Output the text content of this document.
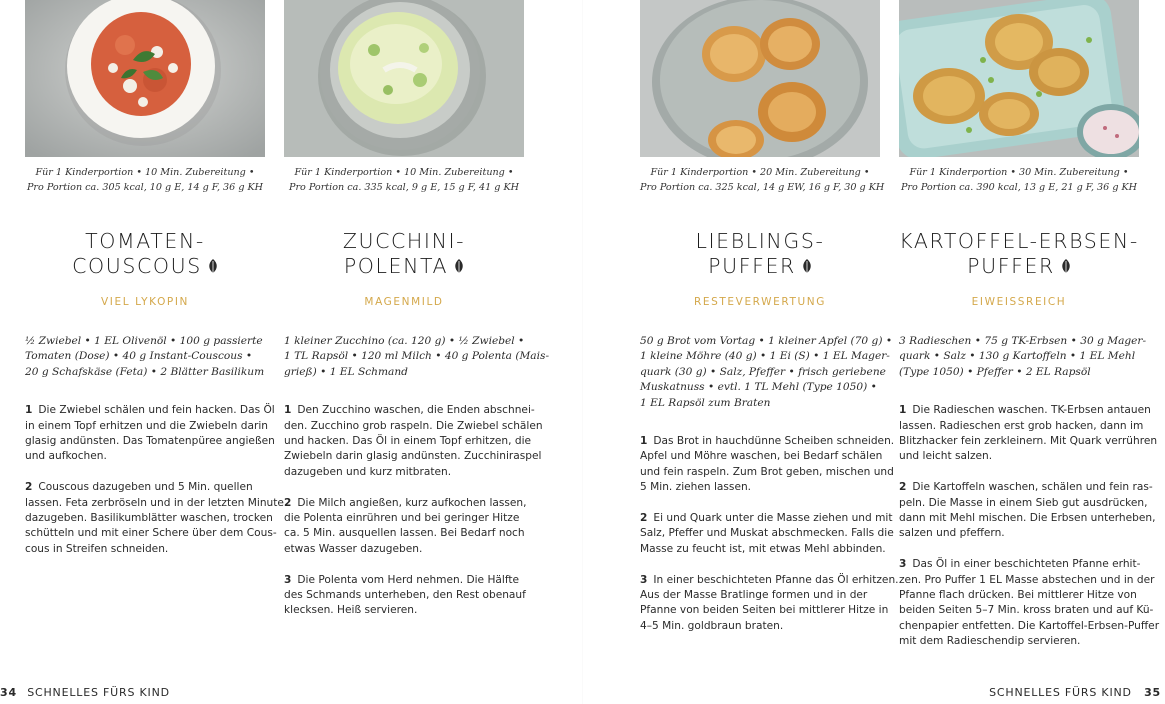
Für 1 Kinderportion • 10 Min. Zubereitung •
Pro Portion ca. 305 kcal, 10 g E, 14 g F, 36 g KH
TOMATEN-
COUSCOUS
VIEL LYKOPIN
½ Zwiebel • 1 EL Olivenöl • 100 g passierte
Tomaten (Dose) • 40 g Instant-Couscous •
20 g Schafskäse (Feta) • 2 Blätter Basilikum
1 Die Zwiebel schälen und fein hacken. Das Öl
in einem Topf erhitzen und die Zwiebeln darin
glasig andünsten. Das Tomatenpüree angießen
und aufkochen.
2 Couscous dazugeben und 5 Min. quellen
lassen. Feta zerbröseln und in der letzten Minute
dazugeben. Basilikumblätter waschen, trocken
schütteln und mit einer Schere über dem Cous-
cous in Streifen schneiden.
Für 1 Kinderportion • 10 Min. Zubereitung •
Pro Portion ca. 335 kcal, 9 g E, 15 g F, 41 g KH
ZUCCHINI-
POLENTA
MAGENMILD
1 kleiner Zucchino (ca. 120 g) • ½ Zwiebel •
1 TL Rapsöl • 120 ml Milch • 40 g Polenta (Mais-
grieß) • 1 EL Schmand
1 Den Zucchino waschen, die Enden abschnei-
den. Zucchino grob raspeln. Die Zwiebel schälen
und hacken. Das Öl in einem Topf erhitzen, die
Zwiebeln darin glasig andünsten. Zucchiniraspel
dazugeben und kurz mitbraten.
2 Die Milch angießen, kurz aufkochen lassen,
die Polenta einrühren und bei geringer Hitze
ca. 5 Min. ausquellen lassen. Bei Bedarf noch
etwas Wasser dazugeben.
3 Die Polenta vom Herd nehmen. Die Hälfte
des Schmands unterheben, den Rest obenauf
klecksen. Heiß servieren.
Für 1 Kinderportion • 20 Min. Zubereitung •
Pro Portion ca. 325 kcal, 14 g EW, 16 g F, 30 g KH
LIEBLINGS-
PUFFER
RESTEVERWERTUNG
50 g Brot vom Vortag • 1 kleiner Apfel (70 g) •
1 kleine Möhre (40 g) • 1 Ei (S) • 1 EL Mager-
quark (30 g) • Salz, Pfeffer • frisch geriebene
Muskatnuss • evtl. 1 TL Mehl (Type 1050) •
1 EL Rapsöl zum Braten
1 Das Brot in hauchdünne Scheiben schneiden.
Apfel und Möhre waschen, bei Bedarf schälen
und fein raspeln. Zum Brot geben, mischen und
5 Min. ziehen lassen.
2 Ei und Quark unter die Masse ziehen und mit
Salz, Pfeffer und Muskat abschmecken. Falls die
Masse zu feucht ist, mit etwas Mehl abbinden.
3 In einer beschichteten Pfanne das Öl erhitzen.
Aus der Masse Bratlinge formen und in der
Pfanne von beiden Seiten bei mittlerer Hitze in
4–5 Min. goldbraun braten.
Für 1 Kinderportion • 30 Min. Zubereitung •
Pro Portion ca. 390 kcal, 13 g E, 21 g F, 36 g KH
KARTOFFEL-ERBSEN-
PUFFER
EIWEISSREICH
3 Radieschen • 75 g TK-Erbsen • 30 g Mager-
quark • Salz • 130 g Kartoffeln • 1 EL Mehl
(Type 1050) • Pfeffer • 2 EL Rapsöl
1 Die Radieschen waschen. TK-Erbsen antauen
lassen. Radieschen erst grob hacken, dann im
Blitzhacker fein zerkleinern. Mit Quark verrühren
und leicht salzen.
2 Die Kartoffeln waschen, schälen und fein ras-
peln. Die Masse in einem Sieb gut ausdrücken,
dann mit Mehl mischen. Die Erbsen unterheben,
salzen und pfeffern.
3 Das Öl in einer beschichteten Pfanne erhit-
zen. Pro Puffer 1 EL Masse abstechen und in der
Pfanne flach drücken. Bei mittlerer Hitze von
beiden Seiten 5–7 Min. kross braten und auf Kü-
chenpapier entfetten. Die Kartoffel-Erbsen-Puffer
mit dem Radieschendip servieren.
34 SCHNELLES FÜRS KIND	SCHNELLES FÜRS KIND 35
